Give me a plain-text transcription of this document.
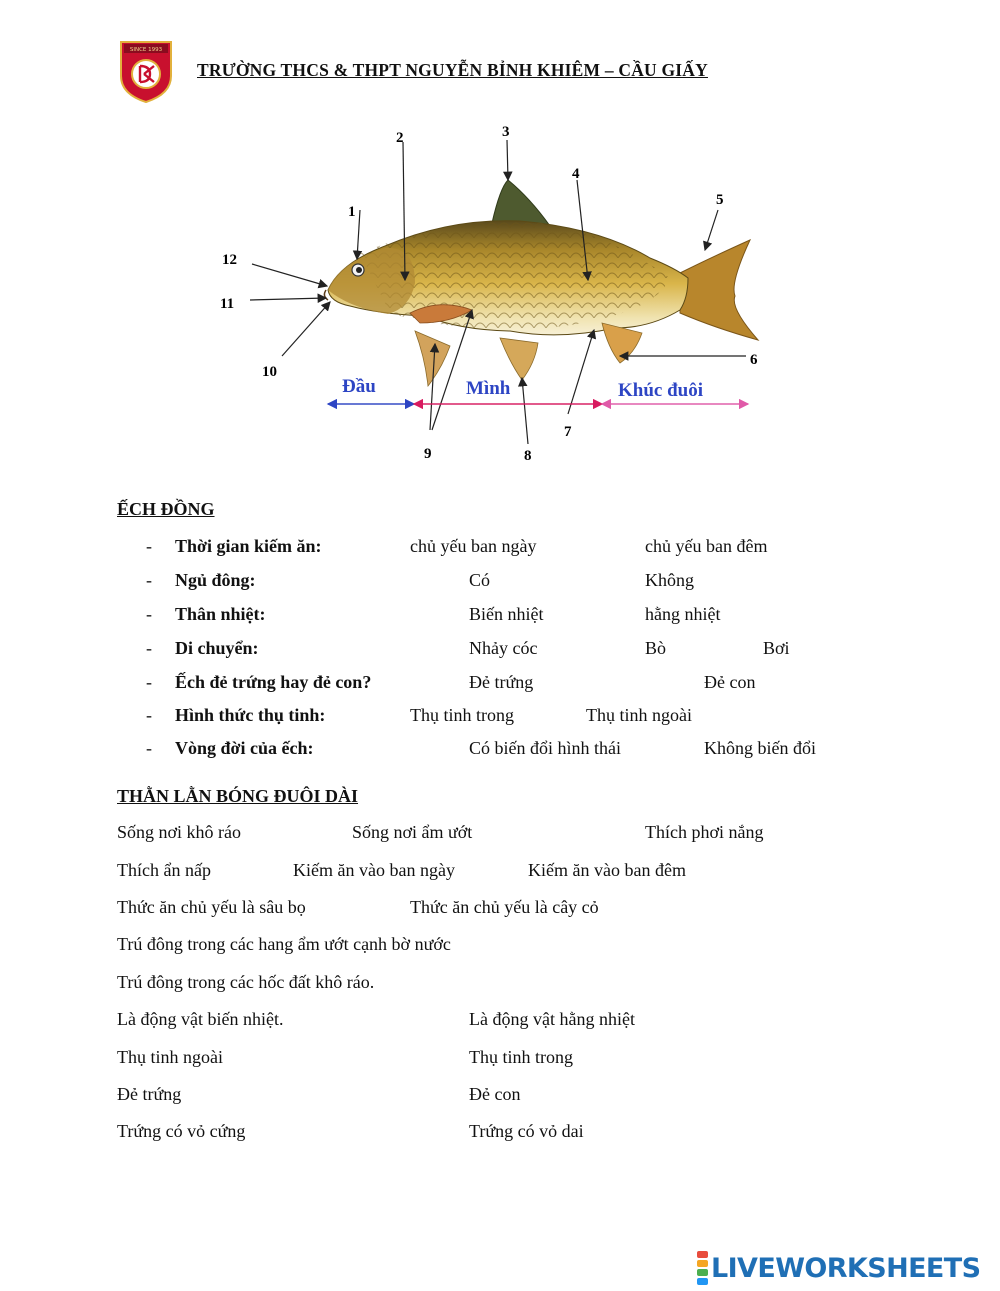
SINCE 1993
TRƯỜNG THCS & THPT NGUYỄN BỈNH KHIÊM – CẦU GIẤY
1
2	3
4
5
6
7
8
9
10
11
12
Đầu	Mình	Khúc đuôi
ẾCH ĐỒNG
- Thời gian kiếm ăn:	chủ yếu ban ngày	chủ yếu ban đêm
- Ngủ đông:	Có	Không
- Thân nhiệt:	Biến nhiệt	hằng nhiệt
- Di chuyển:	Nhảy cóc	Bò	Bơi
- Ếch đẻ trứng hay đẻ con?	Đẻ trứng	Đẻ con
- Hình thức thụ tinh:	Thụ tinh trong	Thụ tinh ngoài
- Vòng đời của ếch:	Có biến đổi hình thái	Không biến đổi
THẰN LẰN BÓNG ĐUÔI DÀI
Sống nơi khô ráo	Sống nơi ẩm ướt	Thích phơi nắng
Thích ẩn nấp	Kiếm ăn vào ban ngày	Kiếm ăn vào ban đêm
Thức ăn chủ yếu là sâu bọ	Thức ăn chủ yếu là cây cỏ
Trú đông trong các hang ẩm ướt cạnh bờ nước
Trú đông trong các hốc đất khô ráo.
Là động vật biến nhiệt.	Là động vật hằng nhiệt
Thụ tinh ngoài	Thụ tinh trong
Đẻ trứng	Đẻ con
Trứng có vỏ cứng	Trứng có vỏ dai
LIVEWORKSHEETS
